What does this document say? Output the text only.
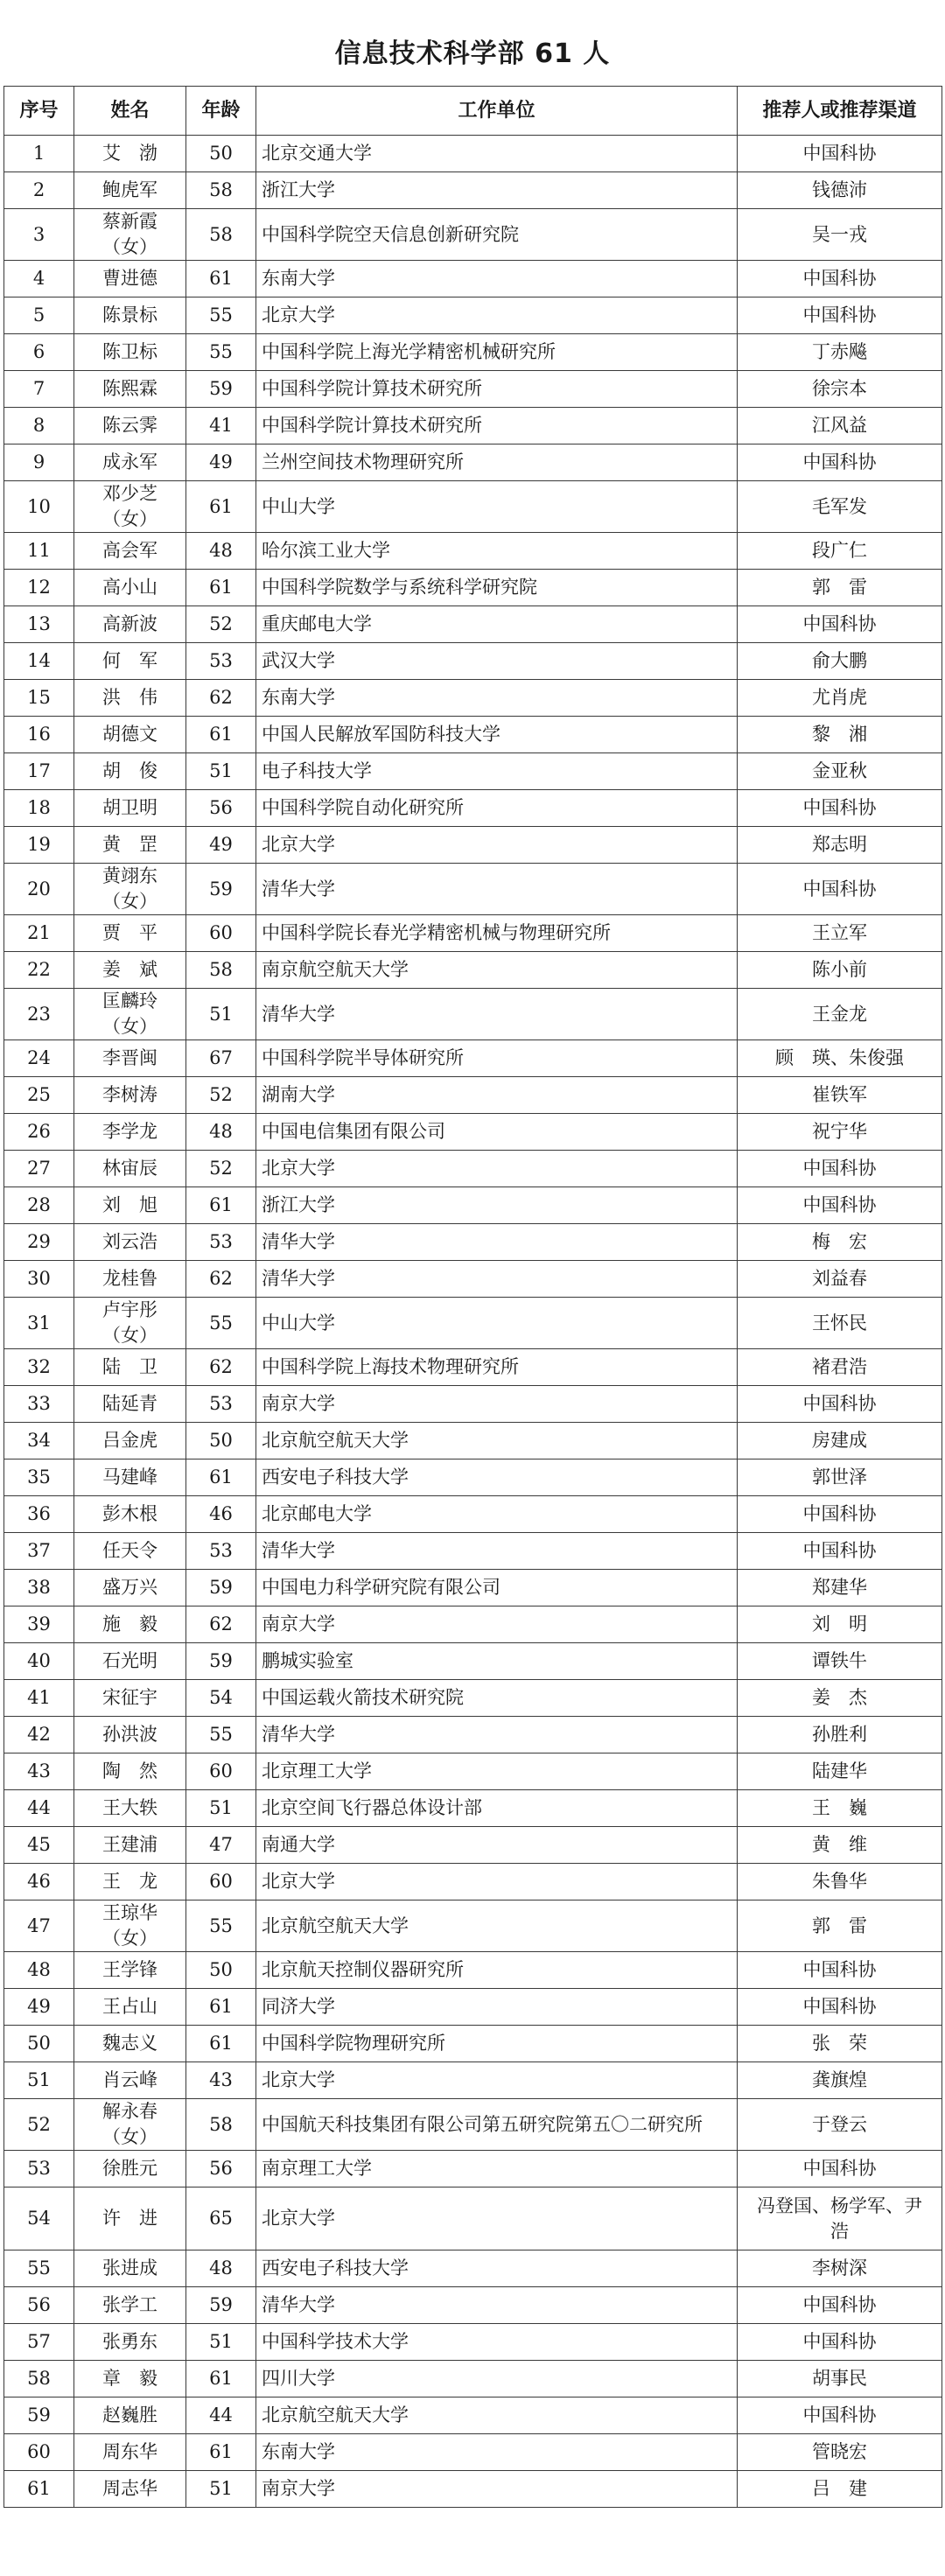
信息技术科学部 61 人
序号	姓名	年龄	工作单位	推荐人或推荐渠道
1	艾　渤	50	北京交通大学	中国科协
2	鲍虎军	58	浙江大学	钱德沛
3	蔡新霞（女）	58	中国科学院空天信息创新研究院	吴一戎
4	曹进德	61	东南大学	中国科协
5	陈景标	55	北京大学	中国科协
6	陈卫标	55	中国科学院上海光学精密机械研究所	丁赤飚
7	陈熙霖	59	中国科学院计算技术研究所	徐宗本
8	陈云霁	41	中国科学院计算技术研究所	江风益
9	成永军	49	兰州空间技术物理研究所	中国科协
10	邓少芝（女）	61	中山大学	毛军发
11	高会军	48	哈尔滨工业大学	段广仁
12	高小山	61	中国科学院数学与系统科学研究院	郭　雷
13	高新波	52	重庆邮电大学	中国科协
14	何　军	53	武汉大学	俞大鹏
15	洪　伟	62	东南大学	尤肖虎
16	胡德文	61	中国人民解放军国防科技大学	黎　湘
17	胡　俊	51	电子科技大学	金亚秋
18	胡卫明	56	中国科学院自动化研究所	中国科协
19	黄　罡	49	北京大学	郑志明
20	黄翊东（女）	59	清华大学	中国科协
21	贾　平	60	中国科学院长春光学精密机械与物理研究所	王立军
22	姜　斌	58	南京航空航天大学	陈小前
23	匡麟玲（女）	51	清华大学	王金龙
24	李晋闽	67	中国科学院半导体研究所	顾　瑛、朱俊强
25	李树涛	52	湖南大学	崔铁军
26	李学龙	48	中国电信集团有限公司	祝宁华
27	林宙辰	52	北京大学	中国科协
28	刘　旭	61	浙江大学	中国科协
29	刘云浩	53	清华大学	梅　宏
30	龙桂鲁	62	清华大学	刘益春
31	卢宇彤（女）	55	中山大学	王怀民
32	陆　卫	62	中国科学院上海技术物理研究所	褚君浩
33	陆延青	53	南京大学	中国科协
34	吕金虎	50	北京航空航天大学	房建成
35	马建峰	61	西安电子科技大学	郭世泽
36	彭木根	46	北京邮电大学	中国科协
37	任天令	53	清华大学	中国科协
38	盛万兴	59	中国电力科学研究院有限公司	郑建华
39	施　毅	62	南京大学	刘　明
40	石光明	59	鹏城实验室	谭铁牛
41	宋征宇	54	中国运载火箭技术研究院	姜　杰
42	孙洪波	55	清华大学	孙胜利
43	陶　然	60	北京理工大学	陆建华
44	王大轶	51	北京空间飞行器总体设计部	王　巍
45	王建浦	47	南通大学	黄　维
46	王　龙	60	北京大学	朱鲁华
47	王琼华（女）	55	北京航空航天大学	郭　雷
48	王学锋	50	北京航天控制仪器研究所	中国科协
49	王占山	61	同济大学	中国科协
50	魏志义	61	中国科学院物理研究所	张　荣
51	肖云峰	43	北京大学	龚旗煌
52	解永春（女）	58	中国航天科技集团有限公司第五研究院第五〇二研究所	于登云
53	徐胜元	56	南京理工大学	中国科协
54	许　进	65	北京大学	冯登国、杨学军、尹　浩
55	张进成	48	西安电子科技大学	李树深
56	张学工	59	清华大学	中国科协
57	张勇东	51	中国科学技术大学	中国科协
58	章　毅	61	四川大学	胡事民
59	赵巍胜	44	北京航空航天大学	中国科协
60	周东华	61	东南大学	管晓宏
61	周志华	51	南京大学	吕　建
